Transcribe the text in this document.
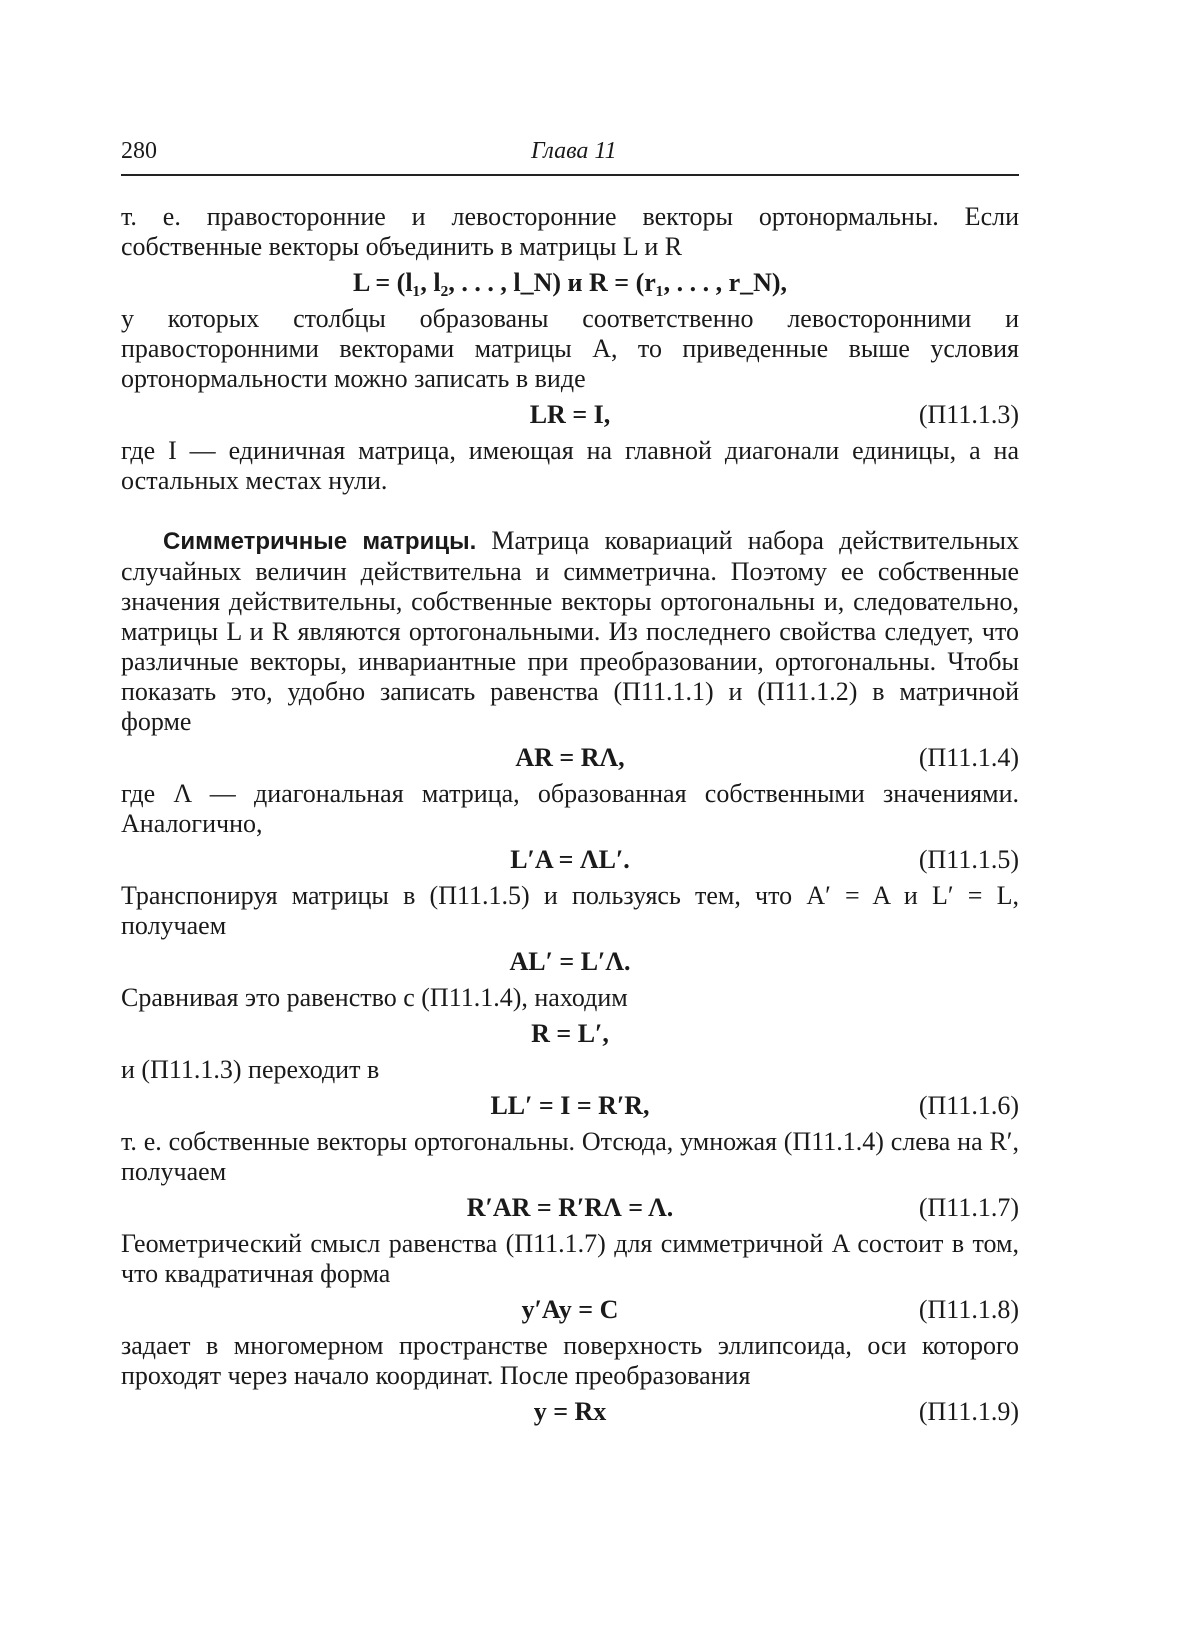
280	Глава 11

т. е. правосторонние и левосторонние векторы ортонормальны. Если собственные векторы объединить в матрицы L и R

L = (l₁, l₂, . . . , l_N) и R = (r₁, . . . , r_N),

у которых столбцы образованы соответственно левосторонними и правосторонними векторами матрицы A, то приведенные выше условия ортонормальности можно записать в виде

LR = I,	(П11.1.3)

где I — единичная матрица, имеющая на главной диагонали единицы, а на остальных местах нули.

Симметричные матрицы. Матрица ковариаций набора действительных случайных величин действительна и симметрична. Поэтому ее собственные значения действительны, собственные векторы ортогональны и, следовательно, матрицы L и R являются ортогональными. Из последнего свойства следует, что различные векторы, инвариантные при преобразовании, ортогональны. Чтобы показать это, удобно записать равенства (П11.1.1) и (П11.1.2) в матричной форме

AR = RΛ,	(П11.1.4)

где Λ — диагональная матрица, образованная собственными значениями. Аналогично,

L′A = ΛL′.	(П11.1.5)

Транспонируя матрицы в (П11.1.5) и пользуясь тем, что A′ = A и L′ = L, получаем

AL′ = L′Λ.

Сравнивая это равенство с (П11.1.4), находим

R = L′,

и (П11.1.3) переходит в

LL′ = I = R′R,	(П11.1.6)

т. е. собственные векторы ортогональны. Отсюда, умножая (П11.1.4) слева на R′, получаем

R′AR = R′RΛ = Λ.	(П11.1.7)

Геометрический смысл равенства (П11.1.7) для симметричной A состоит в том, что квадратичная форма

y′Ay = C	(П11.1.8)

задает в многомерном пространстве поверхность эллипсоида, оси которого проходят через начало координат. После преобразования

y = Rx	(П11.1.9)
